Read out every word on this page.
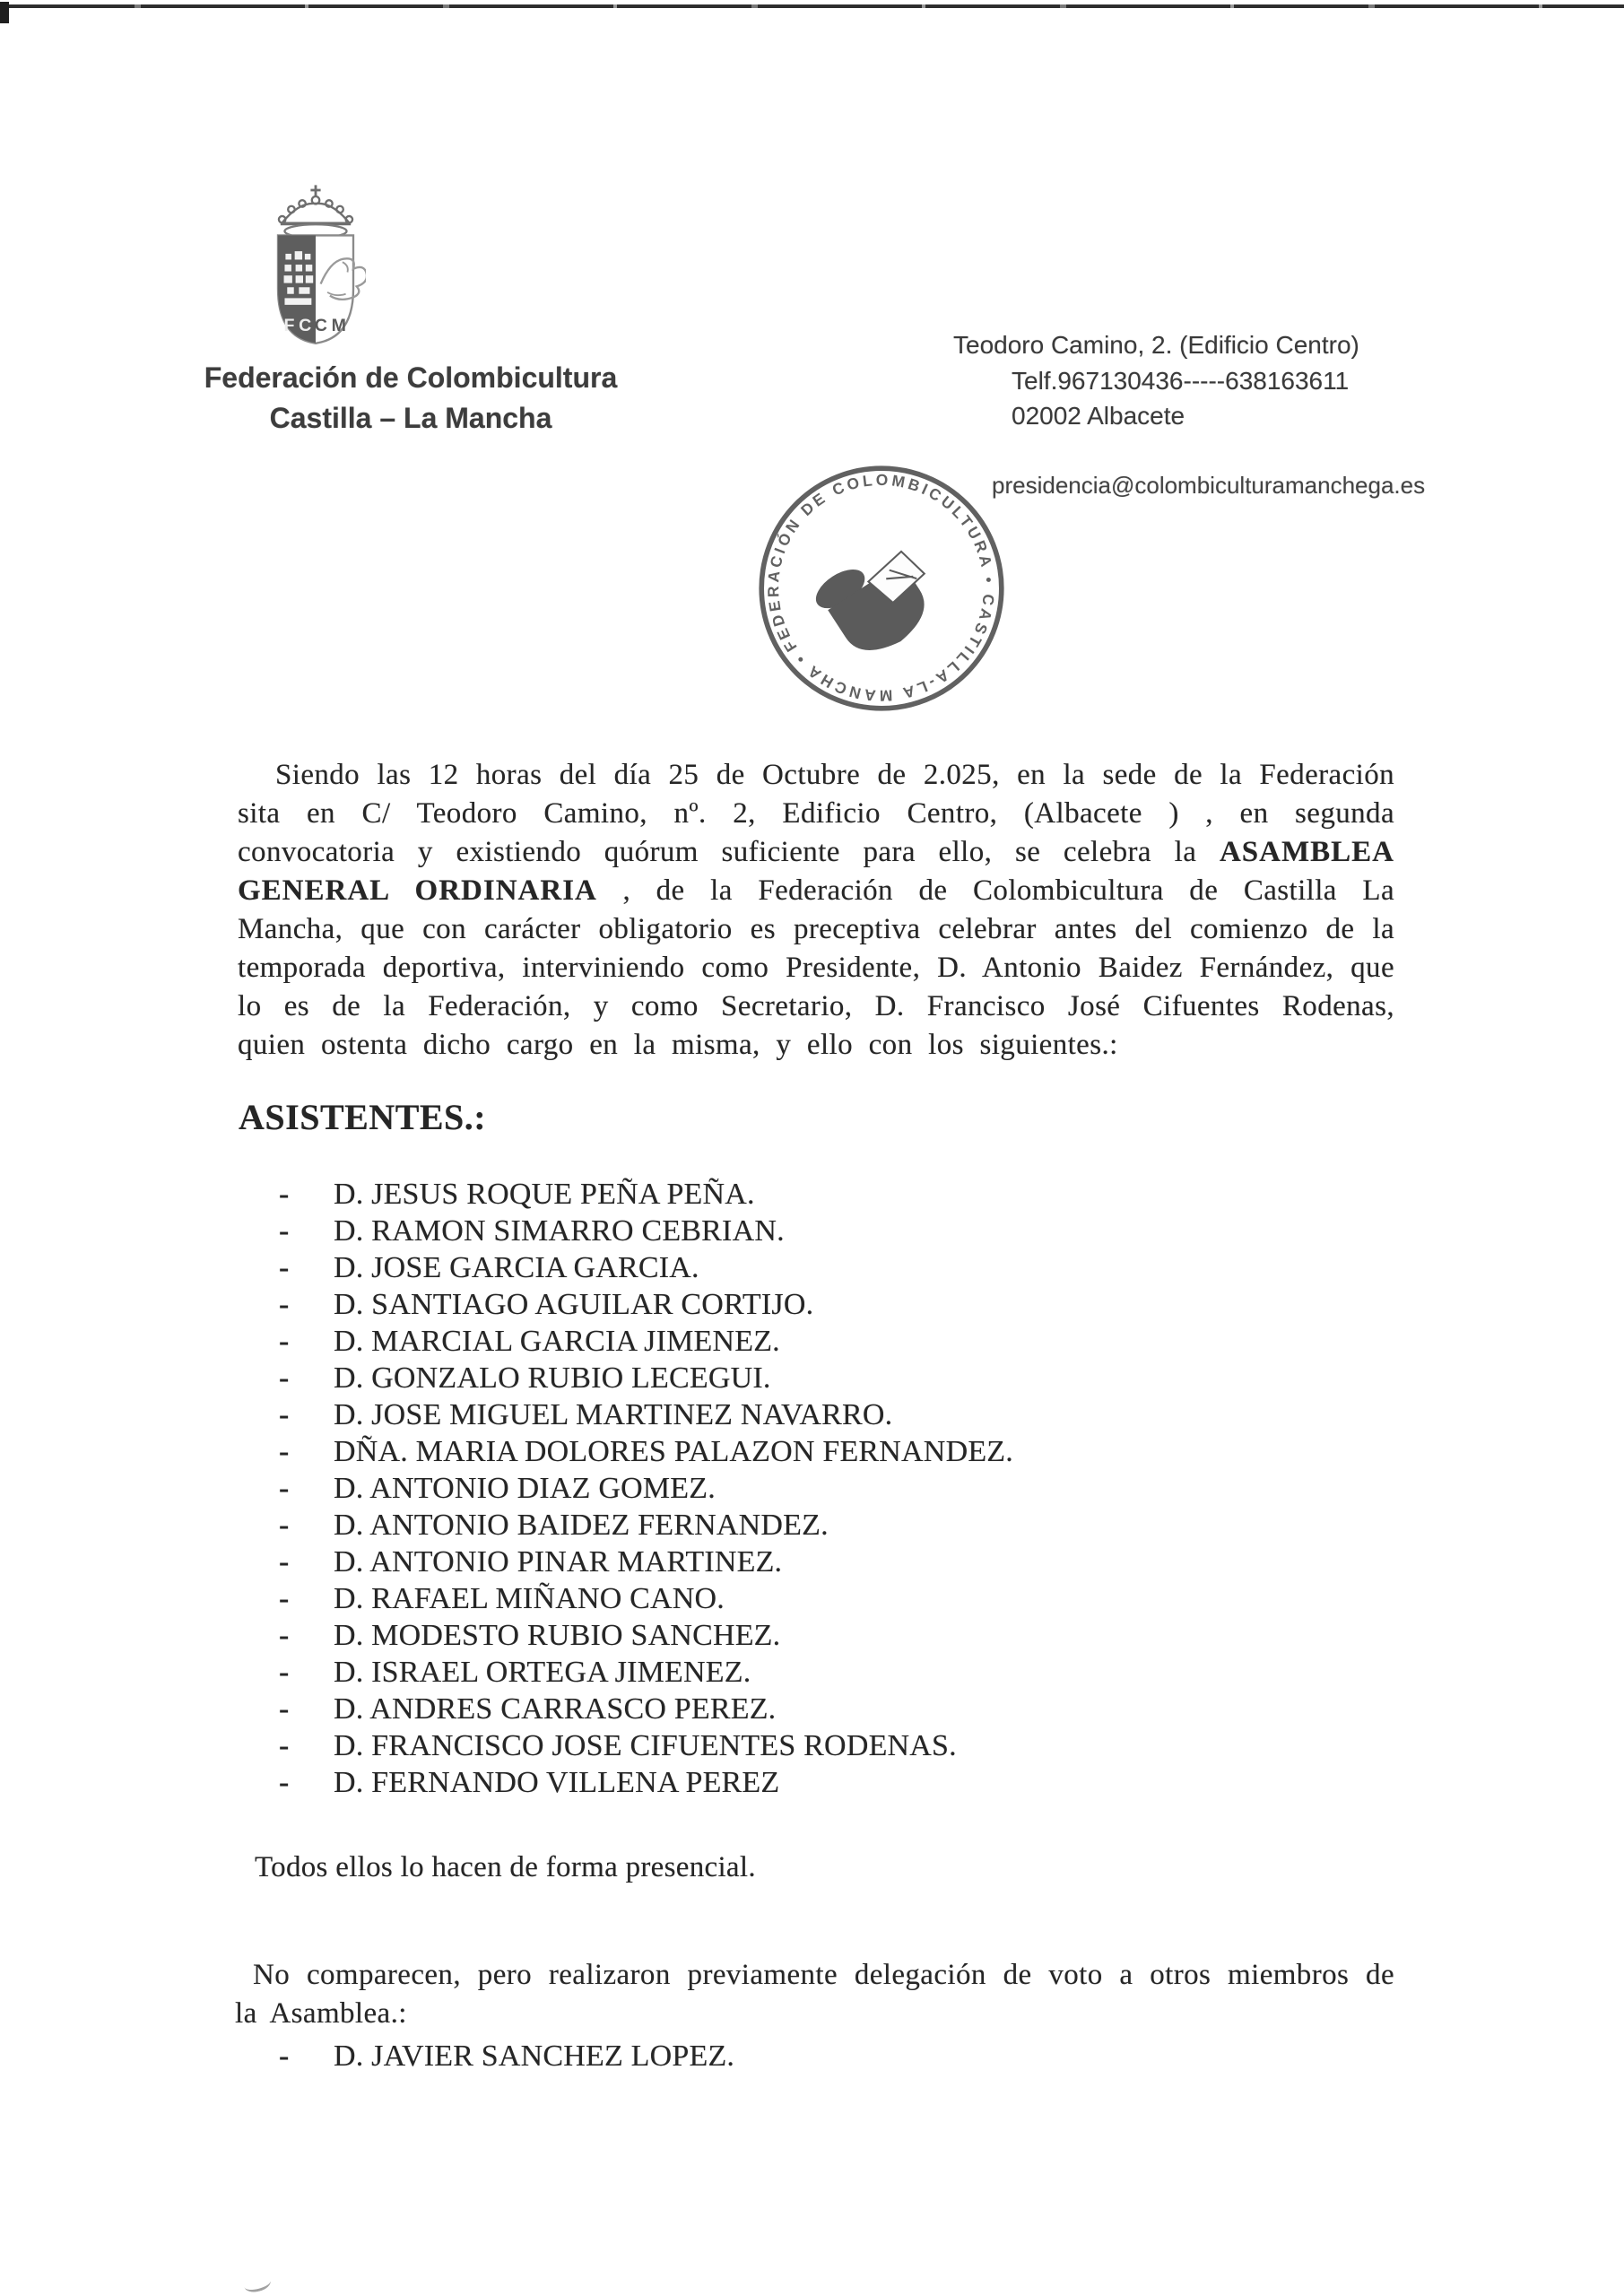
FC
CM
Federación de Colombicultura
Castilla – La Mancha
Teodoro Camino, 2. (Edificio Centro)
Telf.967130436-----638163611
02002 Albacete
presidencia@colombiculturamanchega.es
FEDERACIÓN DE COLOMBICULTURA • CASTILLA-LA MANCHA •

Siendo las 12 horas del día 25 de Octubre de 2.025, en la sede de la Federación sita en C/ Teodoro Camino, nº. 2, Edificio Centro, (Albacete ) , en segunda convocatoria y existiendo quórum suficiente para ello, se celebra la ASAMBLEA GENERAL ORDINARIA , de la Federación de Colombicultura de Castilla La Mancha, que con carácter obligatorio es preceptiva celebrar antes del comienzo de la temporada deportiva, interviniendo como Presidente, D. Antonio Baidez Fernández, que lo es de la Federación, y como Secretario, D. Francisco José Cifuentes Rodenas, quien ostenta dicho cargo en la misma, y ello con los siguientes.:

ASISTENTES.:
-	D. JESUS ROQUE PEÑA PEÑA.
-	D. RAMON SIMARRO CEBRIAN.
-	D. JOSE GARCIA GARCIA.
-	D. SANTIAGO AGUILAR CORTIJO.
-	D. MARCIAL GARCIA JIMENEZ.
-	D. GONZALO RUBIO LECEGUI.
-	D. JOSE MIGUEL MARTINEZ NAVARRO.
-	DÑA. MARIA DOLORES PALAZON FERNANDEZ.
-	D. ANTONIO DIAZ GOMEZ.
-	D. ANTONIO BAIDEZ FERNANDEZ.
-	D. ANTONIO PINAR MARTINEZ.
-	D. RAFAEL MIÑANO CANO.
-	D. MODESTO RUBIO SANCHEZ.
-	D. ISRAEL ORTEGA JIMENEZ.
-	D. ANDRES CARRASCO PEREZ.
-	D. FRANCISCO JOSE CIFUENTES RODENAS.
-	D. FERNANDO VILLENA PEREZ
Todos ellos lo hacen de forma presencial.

No comparecen, pero realizaron previamente delegación de voto a otros miembros de la Asamblea.:

-	D. JAVIER SANCHEZ LOPEZ.
